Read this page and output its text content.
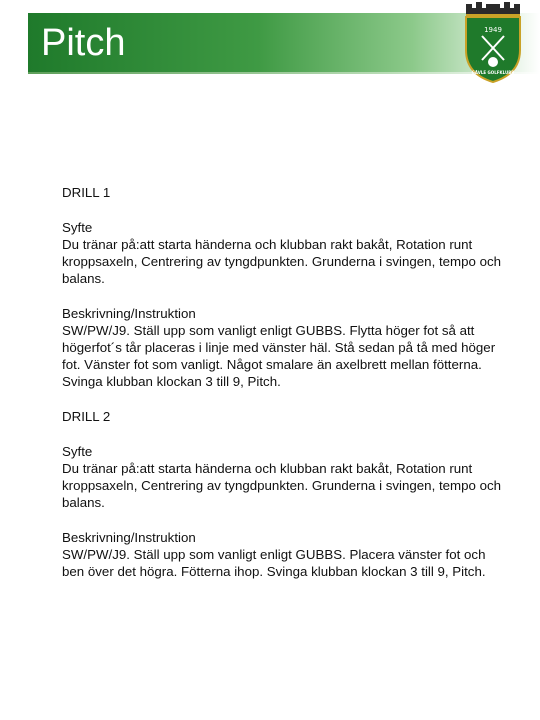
Pitch	1949
GÄVLE GOLFKLUBB

DRILL 1

Syfte
Du tränar på:att starta händerna och klubban rakt bakåt, Rotation runt kroppsaxeln, Centrering av tyngdpunkten. Grunderna i svingen, tempo och balans.

Beskrivning/Instruktion
SW/PW/J9. Ställ upp som vanligt enligt GUBBS. Flytta höger fot så att högerfot´s tår placeras i linje med vänster häl. Stå sedan på tå med höger fot. Vänster fot som vanligt. Något smalare än axelbrett mellan fötterna. Svinga klubban klockan 3 till 9, Pitch.

DRILL 2

Syfte
Du tränar på:att starta händerna och klubban rakt bakåt, Rotation runt kroppsaxeln, Centrering av tyngdpunkten. Grunderna i svingen, tempo och balans.

Beskrivning/Instruktion
SW/PW/J9. Ställ upp som vanligt enligt GUBBS. Placera vänster fot och ben över det högra. Fötterna ihop. Svinga klubban klockan 3 till 9, Pitch.
